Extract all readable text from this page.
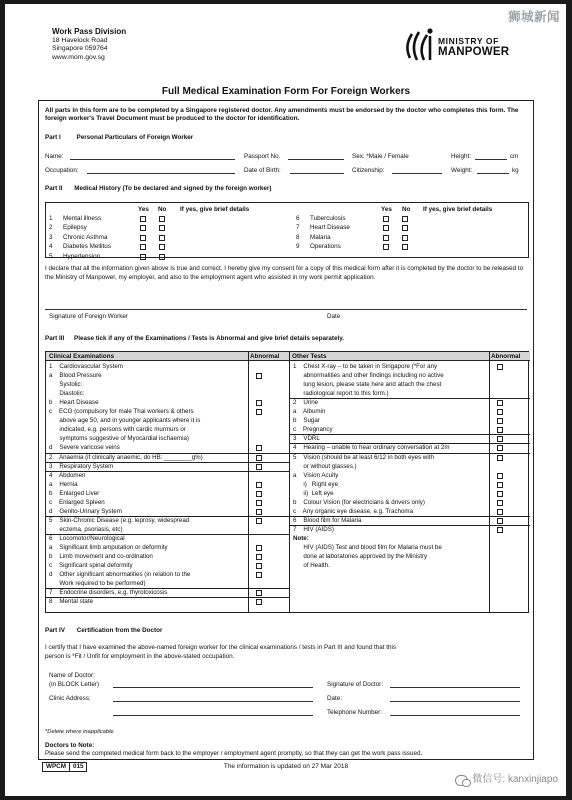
狮城新闻
微信号: kanxinjiapo
Work Pass Division
18 Havelock Road
Singapore 059764
www.mom.gov.sg
MINISTRY OF
MANPOWER
Full Medical Examination Form For Foreign Workers
All parts in this form are to be completed by a Singapore registered doctor. Any amendments must be endorsed by the doctor who completes this form. The foreign worker's Travel Document must be produced to the doctor for identification.
Part I	Personal Particulars of Foreign Worker
Name:	Passport No.	Sex: *Male / Female	Height:	cm
Occupation:	Date of Birth:	Citizenship:	Weight:	kg
Part II Medical History (To be declared and signed by the foreign worker)
Yes No If yes, give brief details
1 Mental illness
2 Epilepsy
3 Chronic Asthma
4 Diabetes Mellitus
5 Hypertension
Yes No If yes, give brief details
6 Tuberculosis
7 Heart Disease
8 Malaria
9 Operations
I declare that all the information given above is true and correct. I hereby give my consent for a copy of this medical form after it is completed by the doctor to be released to the Ministry of Manpower, my employer, and also to the employment agent who assisted in my work permit application.
Signature of Foreign Worker	Date
Part III Please tick if any of the Examinations / Tests is Abnormal and give brief details separately.
Clinical Examinations	Abnormal	Other Tests	Abnormal
1    Cardiovascular System
a    Blood Pressure
Systolic:
Diastolic:
b    Heart Disease
c    ECG (compulsory for male Thai workers & others
above age 50, and in younger applicants where it is
indicated, e.g. persons with cardic murmurs or
symptoms suggestive of Myocardial ischaemia)
d    Severe varicose veins
2    Anaemia (if clinically anaemic, do HB: ________g%)
3    Respiratory System
4    Abdomen
a    Hernia
b    Enlarged Liver
c    Enlarged Spleen
d    Genito-Urinary System
5    Skin-Chronic Disease (e.g. leprosy, widespread
eczema, psoriasis, etc)
6    Locomotor/Neurological
a    Significant limb amputation or deformity
b    Limb movement and co-ordination
c    Significant spinal deformity
d    Other significant abnormalities (in relation to the
Work required to be performed)
7    Endocrine disorders, e.g. thyrotoxicosis
8    Mental state
1    Chest X-ray – to be taken in Singapore (*For any
abnormalities and other findings including no active
lung lesion, please state here and attach the chest
radiological report to this form.)
2    Urine
a    Albumin
b    Sugar
c    Pregnancy
3    VDRL
4    Hearing – unable to hear ordinary conversation at 2m
5    Vision (should be at least 6/12 in both eyes with
or without glasses.)
a    Vision Acuity
i)   Right eye
ii)  Left eye
b    Colour Vision (for electricians & drivers only)
c    Any organic eye disease, e.g. Trachoma
6    Blood film for Malaria
7    HIV (AIDS)
Note:
HIV (AIDS) Test and blood film for Malaria must be
done at laboratories approved by the Ministry
of Health.
Part IV Certification from the Doctor
I certify that I have examined the above-named foreign worker for the clinical examinations / tests in Part III and found that this
person is *Fit / Unfit for employment in the above-stated occupation.
Name of Doctor:
Signature of Doctor:
(in BLOCK Letter)
Clinic Address:	Date:
Telephone Number:
*Delete where inapplicable
Doctors to Note:
Please send the completed medical form back to the employer / employment agent promptly, so that they can get the work pass issued.
WPCM	015	The information is updated on 27 Mar 2018
